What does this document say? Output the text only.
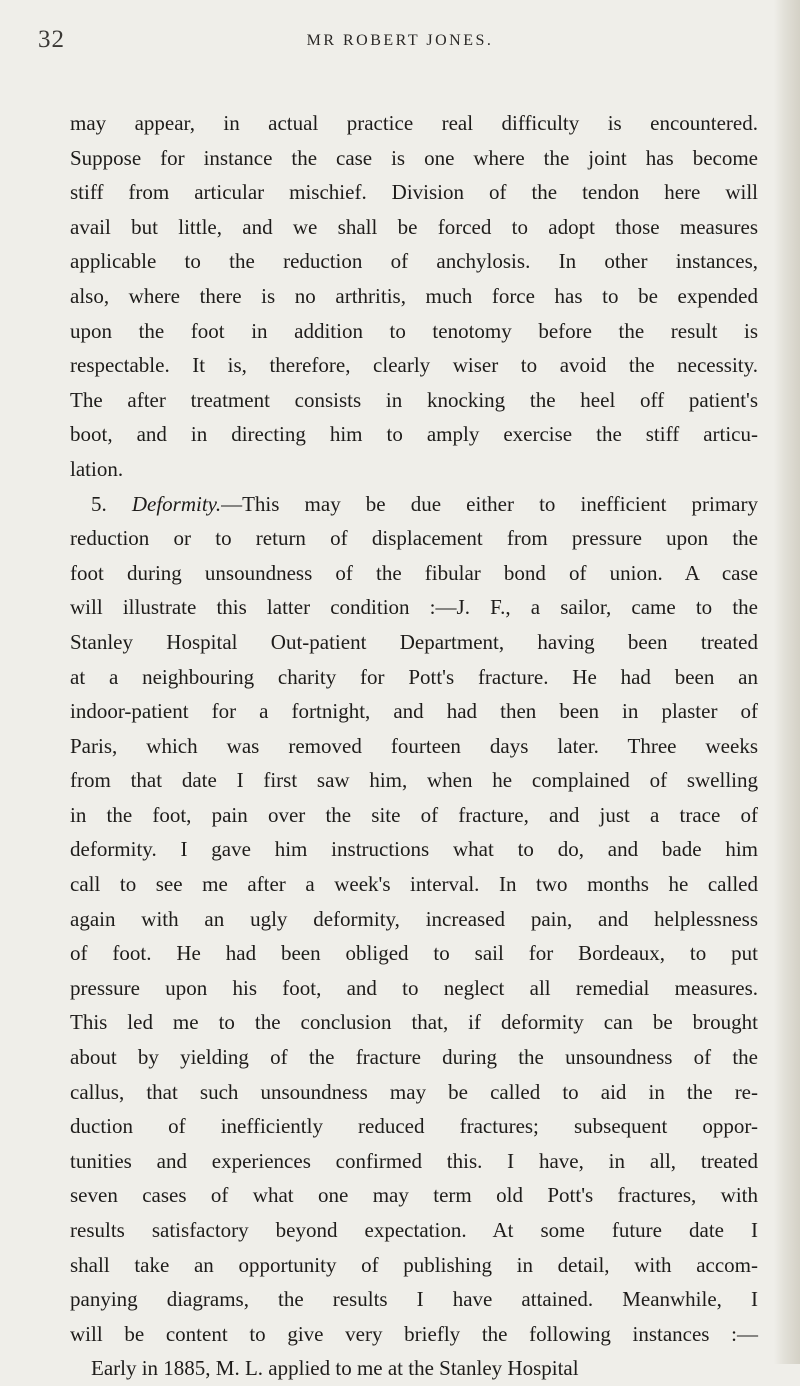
32	MR ROBERT JONES.
may appear, in actual practice real difficulty is encountered.
Suppose for instance the case is one where the joint has become
stiff from articular mischief. Division of the tendon here will
avail but little, and we shall be forced to adopt those measures
applicable to the reduction of anchylosis. In other instances,
also, where there is no arthritis, much force has to be expended
upon the foot in addition to tenotomy before the result is
respectable. It is, therefore, clearly wiser to avoid the necessity.
The after treatment consists in knocking the heel off patient's
boot, and in directing him to amply exercise the stiff articu-
lation.
5. Deformity.—This may be due either to inefficient primary
reduction or to return of displacement from pressure upon the
foot during unsoundness of the fibular bond of union. A case
will illustrate this latter condition :—J. F., a sailor, came to the
Stanley Hospital Out-patient Department, having been treated
at a neighbouring charity for Pott's fracture. He had been an
indoor-patient for a fortnight, and had then been in plaster of
Paris, which was removed fourteen days later. Three weeks
from that date I first saw him, when he complained of swelling
in the foot, pain over the site of fracture, and just a trace of
deformity. I gave him instructions what to do, and bade him
call to see me after a week's interval. In two months he called
again with an ugly deformity, increased pain, and helplessness
of foot. He had been obliged to sail for Bordeaux, to put
pressure upon his foot, and to neglect all remedial measures.
This led me to the conclusion that, if deformity can be brought
about by yielding of the fracture during the unsoundness of the
callus, that such unsoundness may be called to aid in the re-
duction of inefficiently reduced fractures; subsequent oppor-
tunities and experiences confirmed this. I have, in all, treated
seven cases of what one may term old Pott's fractures, with
results satisfactory beyond expectation. At some future date I
shall take an opportunity of publishing in detail, with accom-
panying diagrams, the results I have attained. Meanwhile, I
will be content to give very briefly the following instances :—
Early in 1885, M. L. applied to me at the Stanley Hospital
